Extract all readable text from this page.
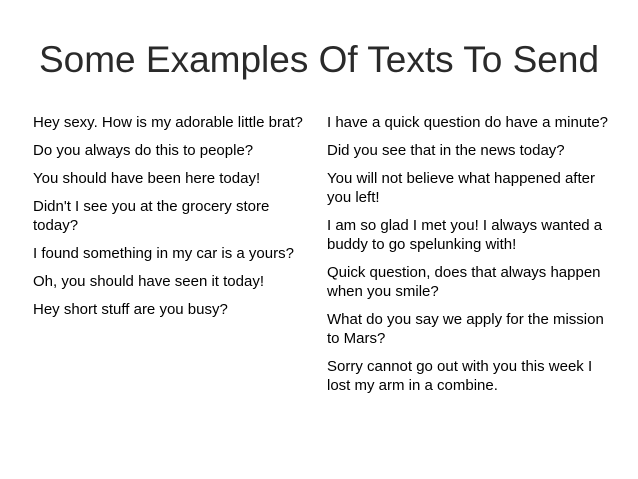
Some Examples Of Texts To Send
Hey sexy. How is my adorable little brat?
Do you always do this to people?
You should have been here today!
Didn't I see you at the grocery store today?
I found something in my car is a yours?
Oh, you should have seen it today!
Hey short stuff are you busy?
I have a quick question do have a minute?
Did you see that in the news today?
You will not believe what happened after you left!
I am so glad I met you! I always wanted a buddy to go spelunking with!
Quick question, does that always happen when you smile?
What do you say we apply for the mission to Mars?
Sorry cannot go out with you this week I lost my arm in a combine.
